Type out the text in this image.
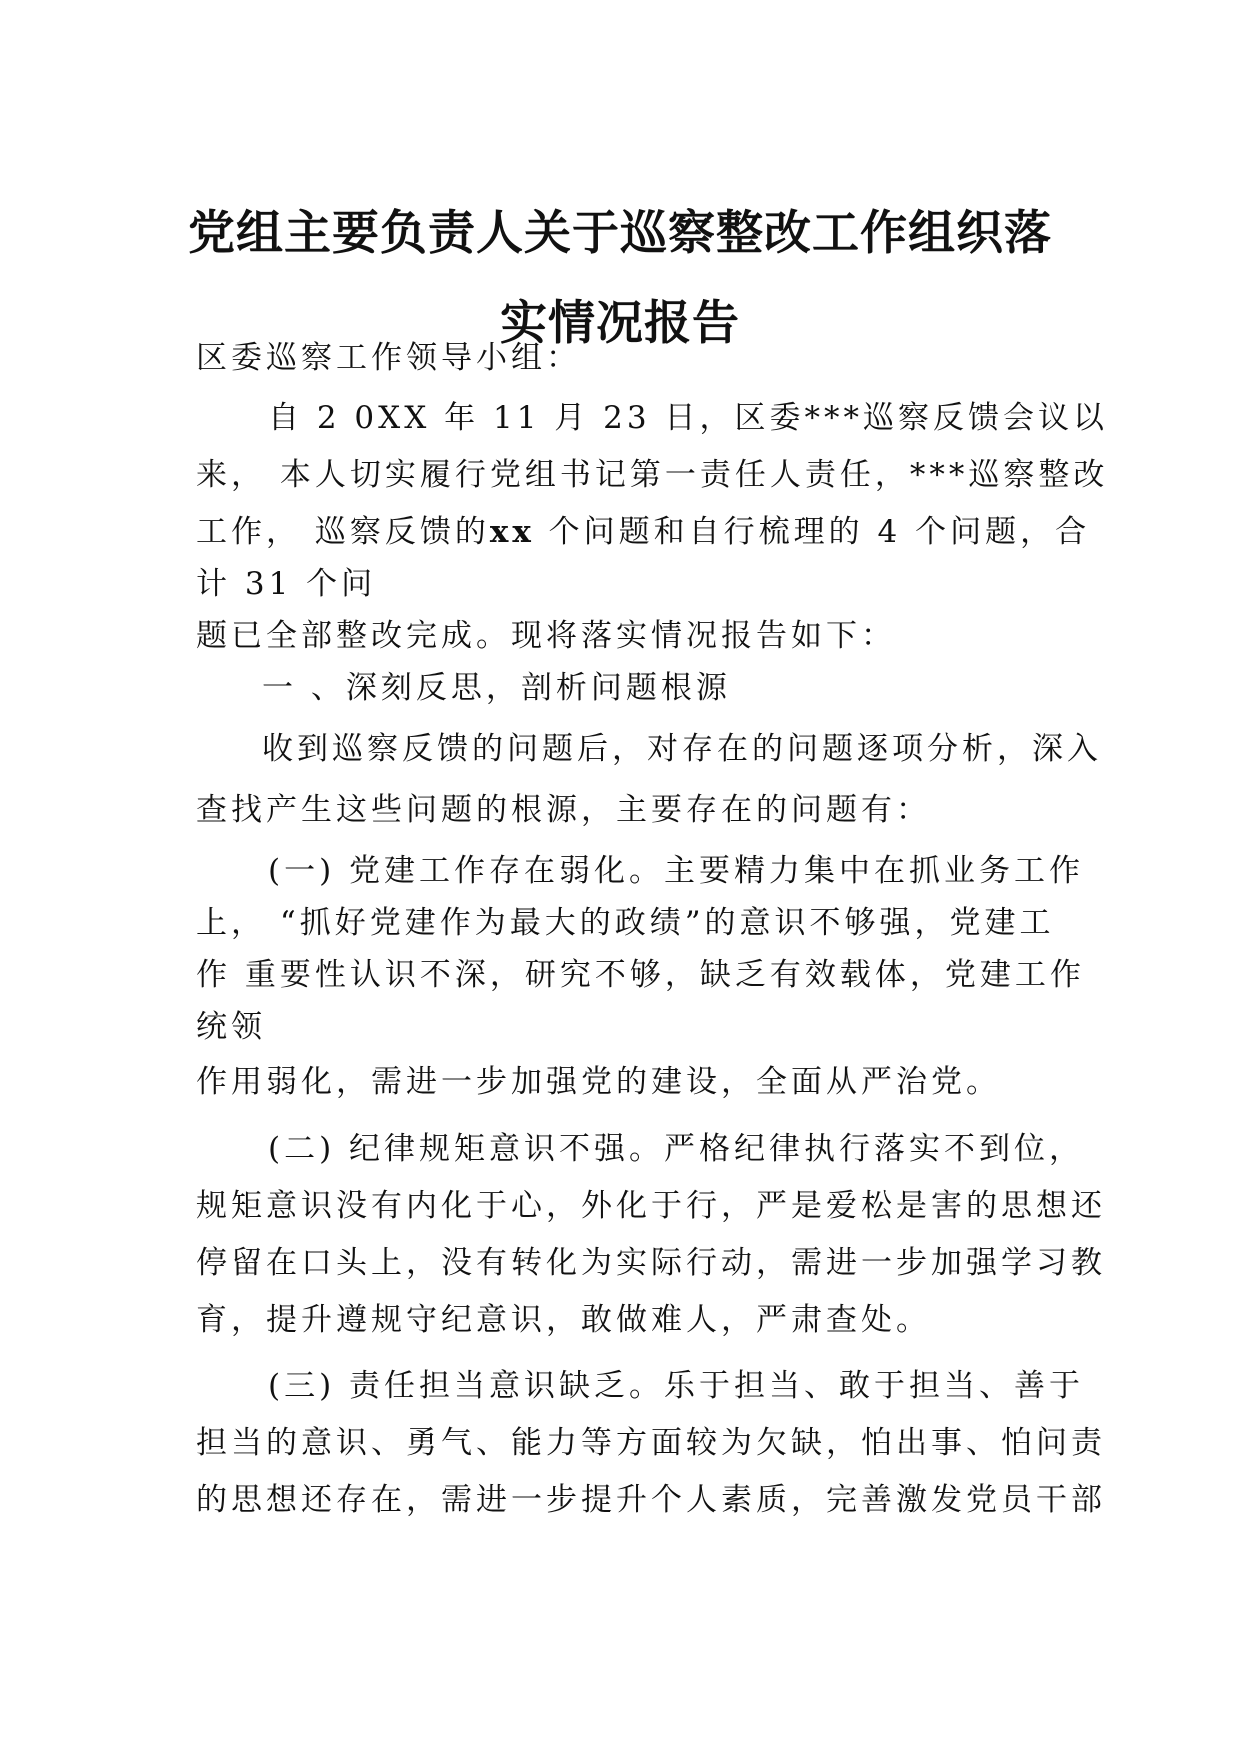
党组主要负责人关于巡察整改工作组织落
实情况报告
区委巡察工作领导小组：
自 2 0XX 年 11 月 23 日，区委***巡察反馈会议以
来， 本人切实履行党组书记第一责任人责任，***巡察整改
工作， 巡察反馈的xx 个问题和自行梳理的 4 个问题，合
计 31 个问
题已全部整改完成。现将落实情况报告如下：
一 、深刻反思，剖析问题根源
收到巡察反馈的问题后，对存在的问题逐项分析，深入
查找产生这些问题的根源，主要存在的问题有：
(一) 党建工作存在弱化。主要精力集中在抓业务工作
上， “抓好党建作为最大的政绩”的意识不够强，党建工
作 重要性认识不深，研究不够，缺乏有效载体，党建工作
统领
作用弱化，需进一步加强党的建设，全面从严治党。
(二) 纪律规矩意识不强。严格纪律执行落实不到位，
规矩意识没有内化于心，外化于行，严是爱松是害的思想还
停留在口头上，没有转化为实际行动，需进一步加强学习教
育，提升遵规守纪意识，敢做难人，严肃查处。
(三) 责任担当意识缺乏。乐于担当、敢于担当、善于
担当的意识、勇气、能力等方面较为欠缺，怕出事、怕问责
的思想还存在，需进一步提升个人素质，完善激发党员干部
